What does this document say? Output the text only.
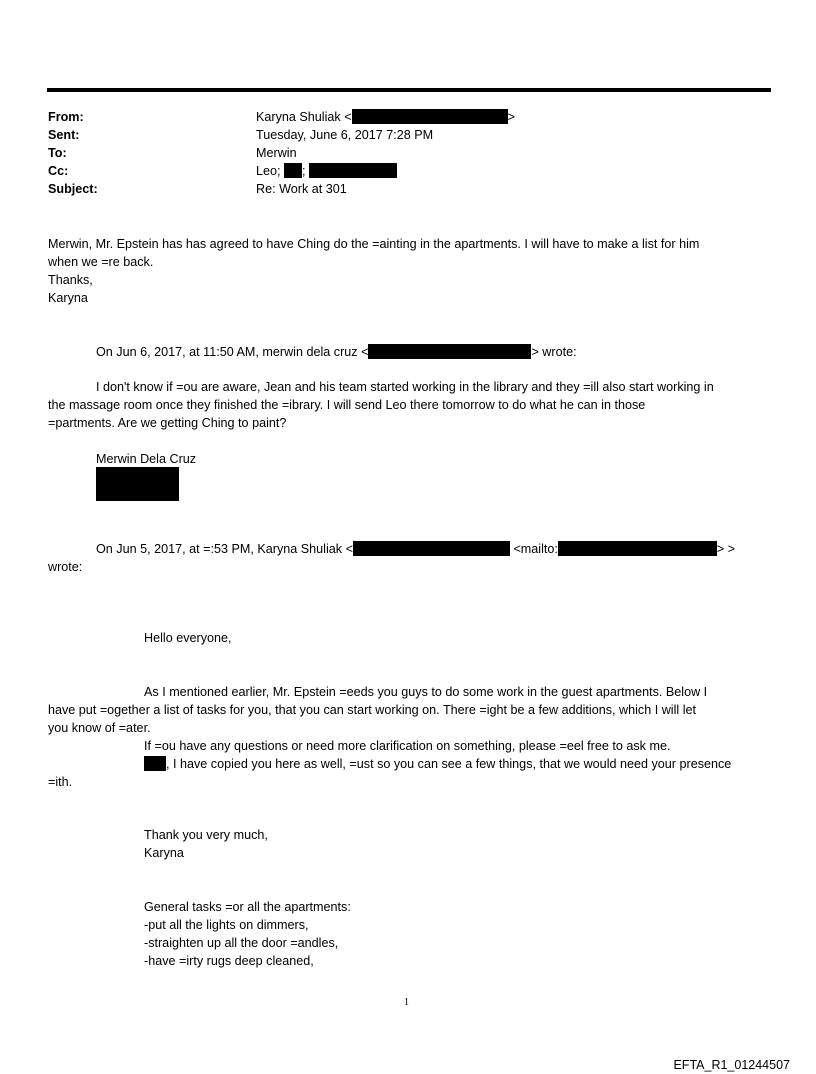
From:	Karyna Shuliak <	>
Sent:	Tuesday, June 6, 2017 7:28 PM
To:	Merwin
Cc:	Leo; ;
Subject:	Re: Work at 301
Merwin, Mr. Epstein has has agreed to have Ching do the =ainting in the apartments. I will have to make a list for him
when we =re back.
Thanks,
Karyna
On Jun 6, 2017, at 11:50 AM, merwin dela cruz <	> wrote:
I don't know if =ou are aware, Jean and his team started working in the library and they =ill also start working in
the massage room once they finished the =ibrary. I will send Leo there tomorrow to do what he can in those
=partments. Are we getting Ching to paint?
Merwin Dela Cruz
On Jun 5, 2017, at =:53 PM, Karyna Shuliak <	<mailto:	> >
wrote:
Hello everyone,
As I mentioned earlier, Mr. Epstein =eeds you guys to do some work in the guest apartments. Below I
have put =ogether a list of tasks for you, that you can start working on. There =ight be a few additions, which I will let
you know of =ater.
If =ou have any questions or need more clarification on something, please =eel free to ask me.
, I have copied you here as well, =ust so you can see a few things, that we would need your presence
=ith.
Thank you very much,
Karyna
General tasks =or all the apartments:
-put all the lights on dimmers,
-straighten up all the door =andles,
-have =irty rugs deep cleaned,
1
EFTA_R1_01244507
